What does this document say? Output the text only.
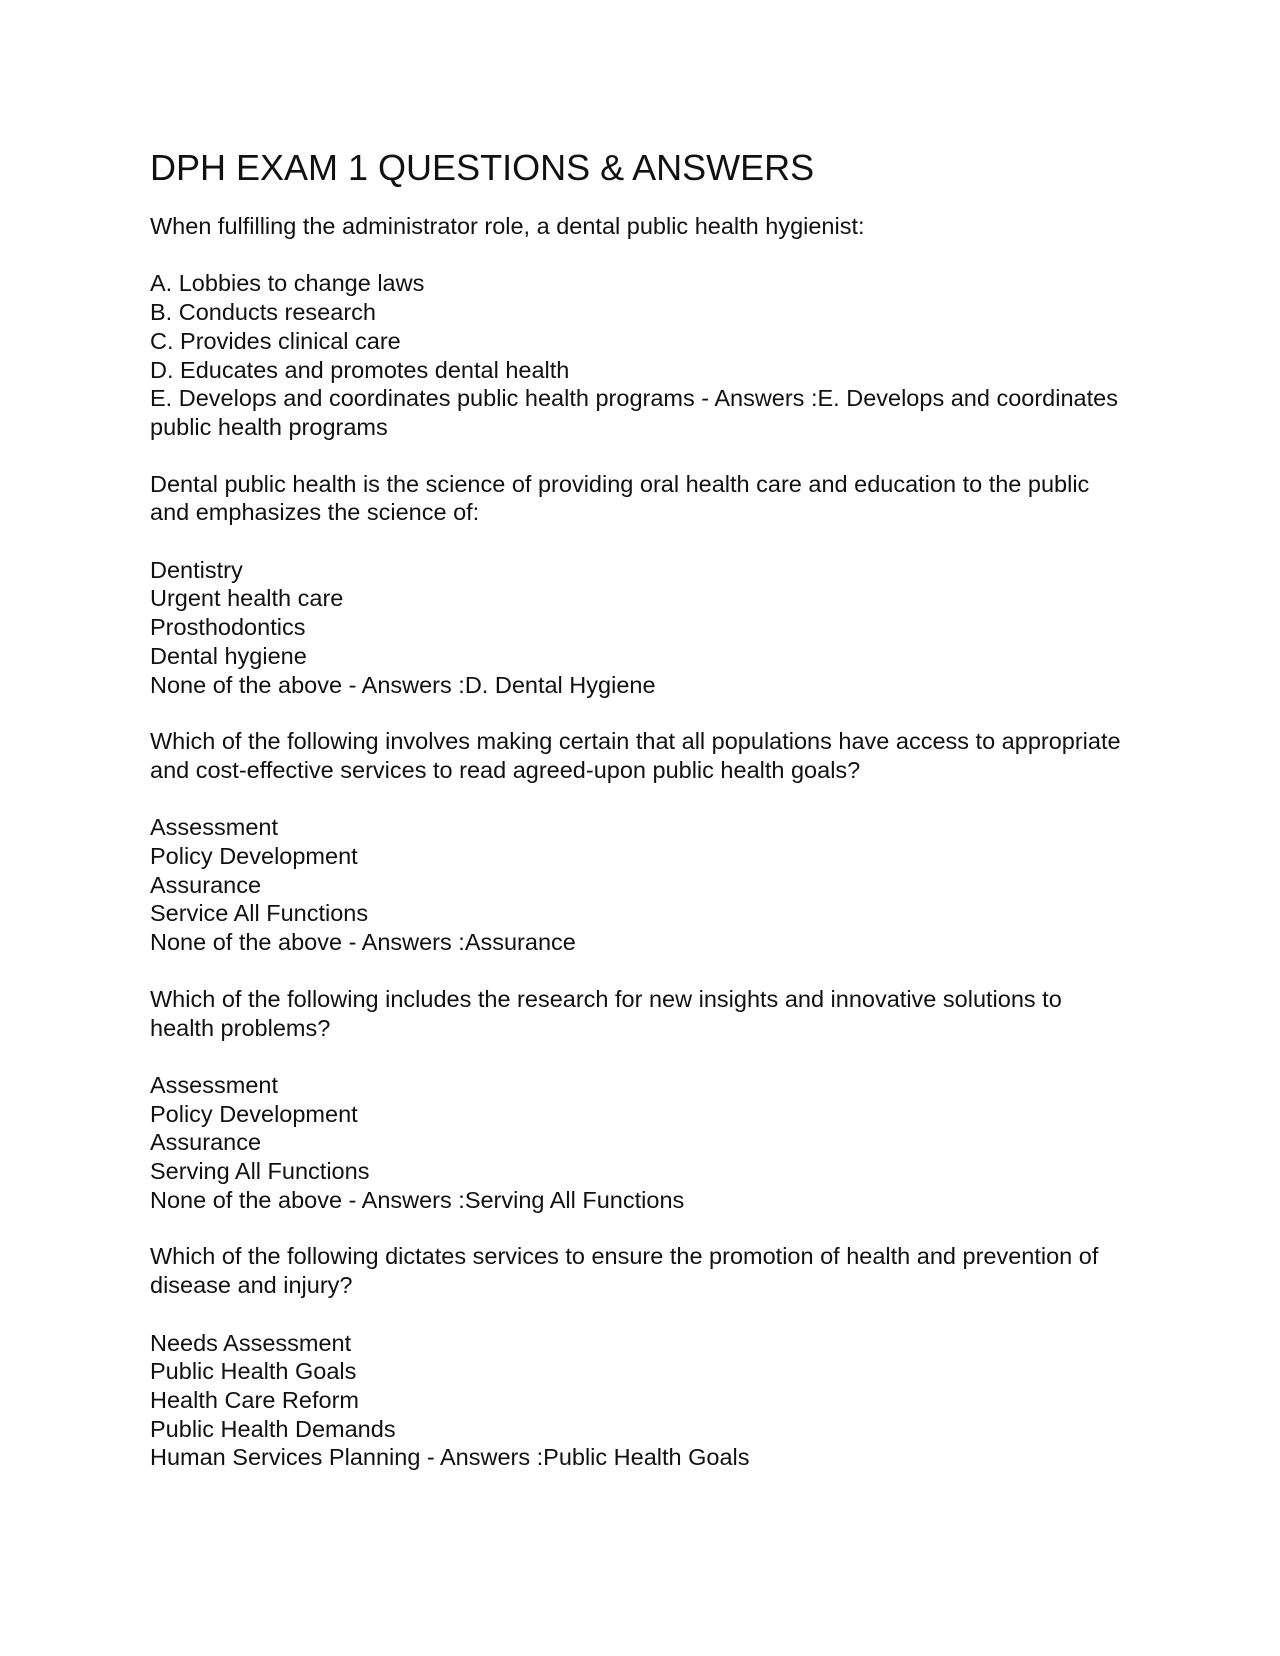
DPH EXAM 1 QUESTIONS & ANSWERS

When fulfilling the administrator role, a dental public health hygienist:

A. Lobbies to change laws
B. Conducts research
C. Provides clinical care
D. Educates and promotes dental health
E. Develops and coordinates public health programs - Answers :E. Develops and coordinates public health programs

Dental public health is the science of providing oral health care and education to the public and emphasizes the science of:

Dentistry
Urgent health care
Prosthodontics
Dental hygiene
None of the above - Answers :D. Dental Hygiene

Which of the following involves making certain that all populations have access to appropriate and cost-effective services to read agreed-upon public health goals?

Assessment
Policy Development
Assurance
Service All Functions
None of the above - Answers :Assurance

Which of the following includes the research for new insights and innovative solutions to health problems?

Assessment
Policy Development
Assurance
Serving All Functions
None of the above - Answers :Serving All Functions

Which of the following dictates services to ensure the promotion of health and prevention of disease and injury?

Needs Assessment
Public Health Goals
Health Care Reform
Public Health Demands
Human Services Planning - Answers :Public Health Goals
